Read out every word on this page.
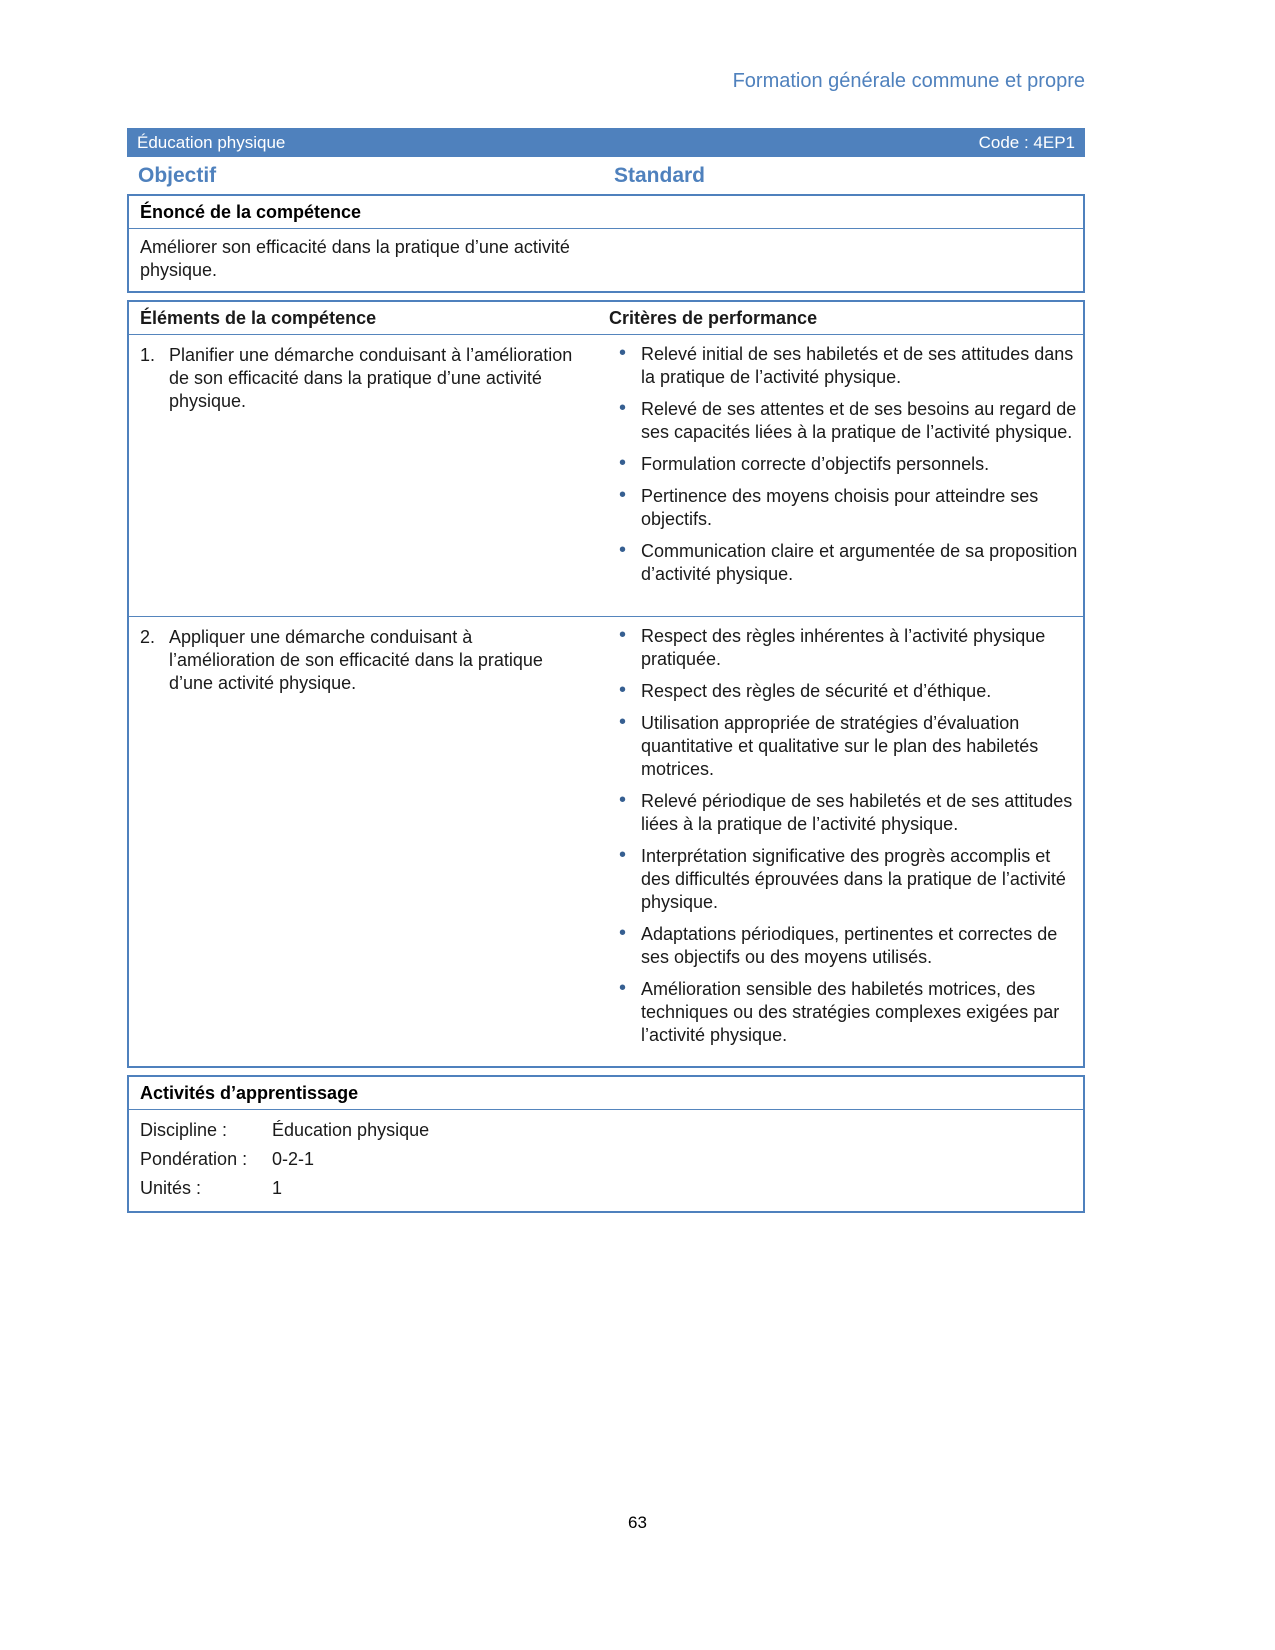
Formation générale commune et propre
Éducation physique	Code : 4EP1
Objectif	Standard
Énoncé de la compétence

Améliorer son efficacité dans la pratique d’une activité physique.

Éléments de la compétence	Critères de performance
1. Planifier une démarche conduisant à l’amélioration de son efficacité dans la pratique d’une activité physique.
• Relevé initial de ses habiletés et de ses attitudes dans la pratique de l’activité physique.
• Relevé de ses attentes et de ses besoins au regard de ses capacités liées à la pratique de l’activité physique.
• Formulation correcte d’objectifs personnels.
• Pertinence des moyens choisis pour atteindre ses objectifs.
• Communication claire et argumentée de sa proposition d’activité physique.
2. Appliquer une démarche conduisant à l’amélioration de son efficacité dans la pratique d’une activité physique.
• Respect des règles inhérentes à l’activité physique pratiquée.
• Respect des règles de sécurité et d’éthique.
• Utilisation appropriée de stratégies d’évaluation quantitative et qualitative sur le plan des habiletés motrices.
• Relevé périodique de ses habiletés et de ses attitudes liées à la pratique de l’activité physique.
• Interprétation significative des progrès accomplis et des difficultés éprouvées dans la pratique de l’activité physique.
• Adaptations périodiques, pertinentes et correctes de ses objectifs ou des moyens utilisés.
• Amélioration sensible des habiletés motrices, des techniques ou des stratégies complexes exigées par l’activité physique.
Activités d’apprentissage
Discipline :	Éducation physique
Pondération :	0-2-1
Unités :	1
63
